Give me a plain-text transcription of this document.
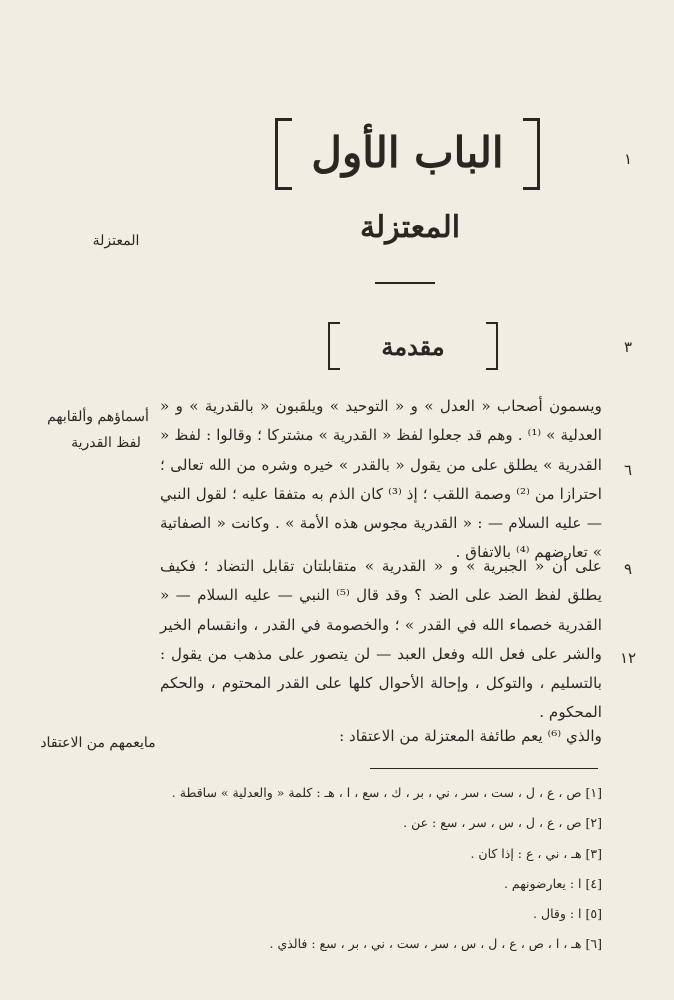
الباب الأول
المعتزلة
مقدمة
١
٣
٦
٩
١٢
المعتزلة
أسماؤهم وألقابهم
لفظ القدرية
مايعمهم من الاعتقاد
ويسمون أصحاب « العدل » و « التوحيد » ويلقبون « بالقدرية » و « العدلية » ⁽¹⁾ . وهم قد جعلوا لفظ « القدرية » مشتركا ؛ وقالوا : لفظ « القدرية » يطلق على من يقول « بالقدر » خيره وشره من الله تعالى ؛ احترازا من ⁽²⁾ وصمة اللقب ؛ إذ ⁽³⁾ كان الذم به متفقا عليه ؛ لقول النبي — عليه السلام — : « القدرية مجوس هذه الأمة » . وكانت « الصفاتية » تعارضهم ⁽⁴⁾ بالاتفاق .
على أن « الجبرية » و « القدرية » متقابلتان تقابل التضاد ؛ فكيف يطلق لفظ الضد على الضد ؟ وقد قال ⁽⁵⁾ النبي — عليه السلام — « القدرية خصماء الله في القدر » ؛ والخصومة في القدر ، وانقسام الخير والشر على فعل الله وفعل العبد — لن يتصور على مذهب من يقول : بالتسليم ، والتوكل ، وإحالة الأحوال كلها على القدر المحتوم ، والحكم المحكوم .
والذي ⁽⁶⁾ يعم طائفة المعتزلة من الاعتقاد :
[١] ص ، ع ، ل ، ست ، سر ، ني ، بر ، ك ، سع ، ا ، هـ : كلمة « والعدلية » ساقطة .
[٢] ص ، ع ، ل ، س ، سر ، سع : عن .
[٣] هـ ، ني ، ع : إذا كان .
[٤] ا : يعارضونهم .
[٥] ا : وقال .
[٦] هـ ، ا ، ص ، ع ، ل ، س ، سر ، ست ، ني ، بر ، سع : فالذي .
